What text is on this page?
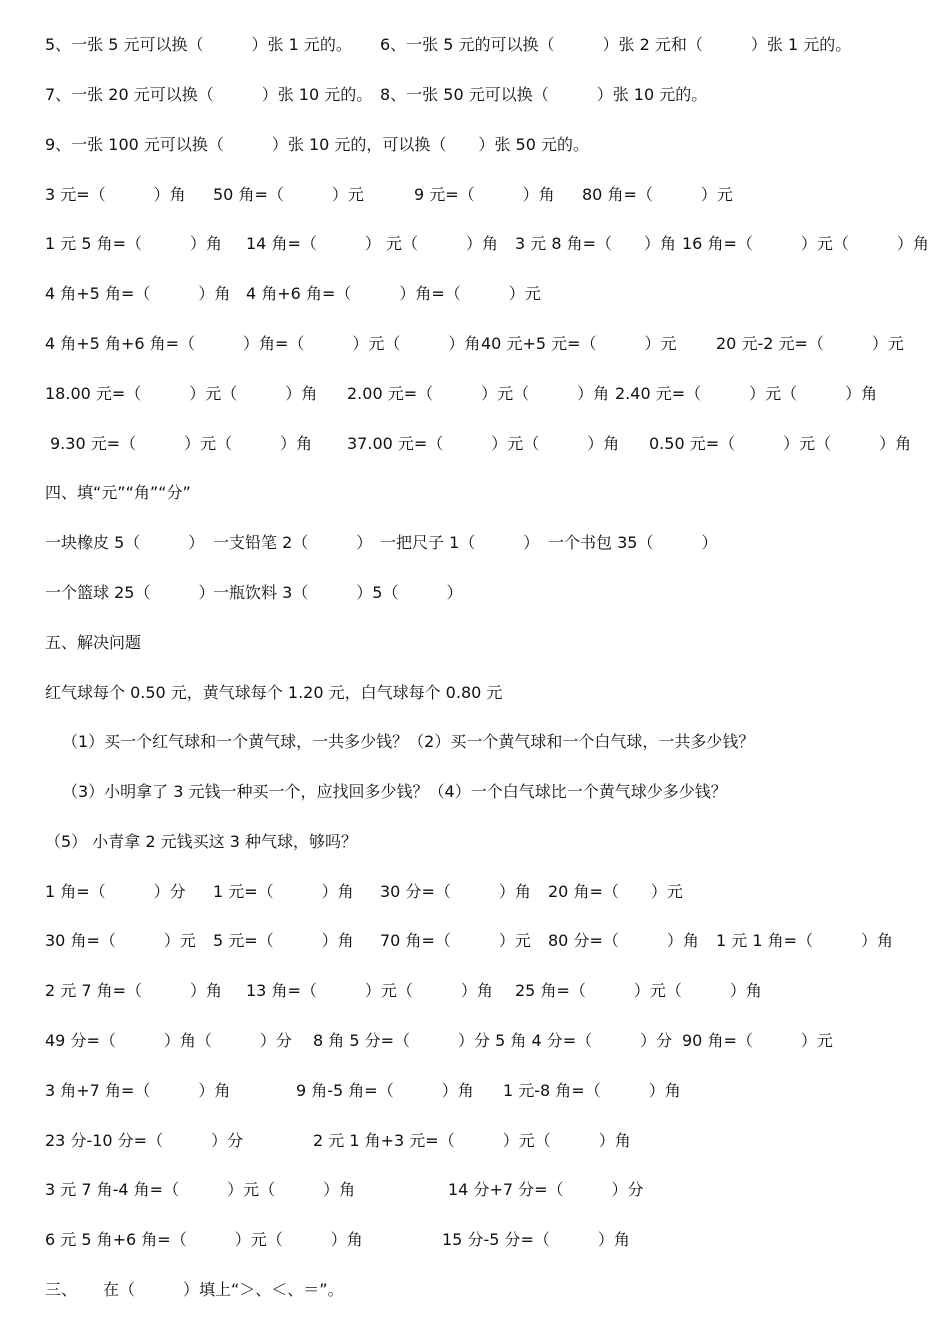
5、一张 5 元可以换（　　　）张 1 元的。 6、一张 5 元的可以换（　　　）张 2 元和（　　　）张 1 元的。
7、一张 20 元可以换（　　　）张 10 元的。 8、一张 50 元可以换（　　　）张 10 元的。
9、一张 100 元可以换（　　　）张 10 元的，可以换（　　）张 50 元的。
3 元=（　　　）角 50 角=（　　　）元	9 元=（　　　）角 80 角=（　　　）元
1 元 5 角=（　　　）角 14 角=（　　　） 元（　　　）角 3 元 8 角=（　　）角 16 角=（　　　）元（　　　）角
4 角+5 角=（　　　）角 4 角+6 角=（　　　）角=（　　　）元
4 角+5 角+6 角=（　　　）角=（　　　）元（　　　）角 40 元+5 元=（　　　）元 20 元-2 元=（　　　）元
18.00 元=（　　　）元（　　　）角 2.00 元=（　　　）元（　　　）角 2.40 元=（　　　）元（　　　）角
9.30 元=（　　　）元（　　　）角 37.00 元=（　　　）元（　　　）角 0.50 元=（　　　）元（　　　）角
四、填“元”“角”“分”
一块橡皮 5（　　　） 一支铅笔 2（　　　） 一把尺子 1（　　　） 一个书包 35（　　　）
一个篮球 25（　　　）
一瓶饮料 3（　　　）5（　　　）
五、解决问题
红气球每个 0.50 元，黄气球每个 1.20 元，白气球每个 0.80 元
（1）买一个红气球和一个黄气球，一共多少钱？（2）买一个黄气球和一个白气球，一共多少钱？
（3）小明拿了 3 元钱一种买一个，应找回多少钱？（4）一个白气球比一个黄气球少多少钱？
（5） 小青拿 2 元钱买这 3 种气球，够吗？
1 角=（　　　）分 1 元=（　　　）角 30 分=（　　　）角 20 角=（　　）元
30 角=（　　　）元 5 元=（　　　）角 70 角=（　　　）元 80 分=（　　　）角 1 元 1 角=（　　　）角
2 元 7 角=（　　　）角 13 角=（　　　）元（　　　）角 25 角=（　　　）元（　　　）角
49 分=（　　　）角（　　　）分 8 角 5 分=（　　　）分 5 角 4 分=（　　　）分 90 角=（　　　）元
3 角+7 角=（　　　）角	9 角-5 角=（　　　）角 1 元-8 角=（　　　）角
23 分-10 分=（　　　）分	2 元 1 角+3 元=（　　　）元（　　　）角
3 元 7 角-4 角=（　　　）元（　　　）角	14 分+7 分=（　　　）分
6 元 5 角+6 角=（　　　）元（　　　）角	15 分-5 分=（　　　）角
三、 在（　　　）填上“＞、＜、＝”。
